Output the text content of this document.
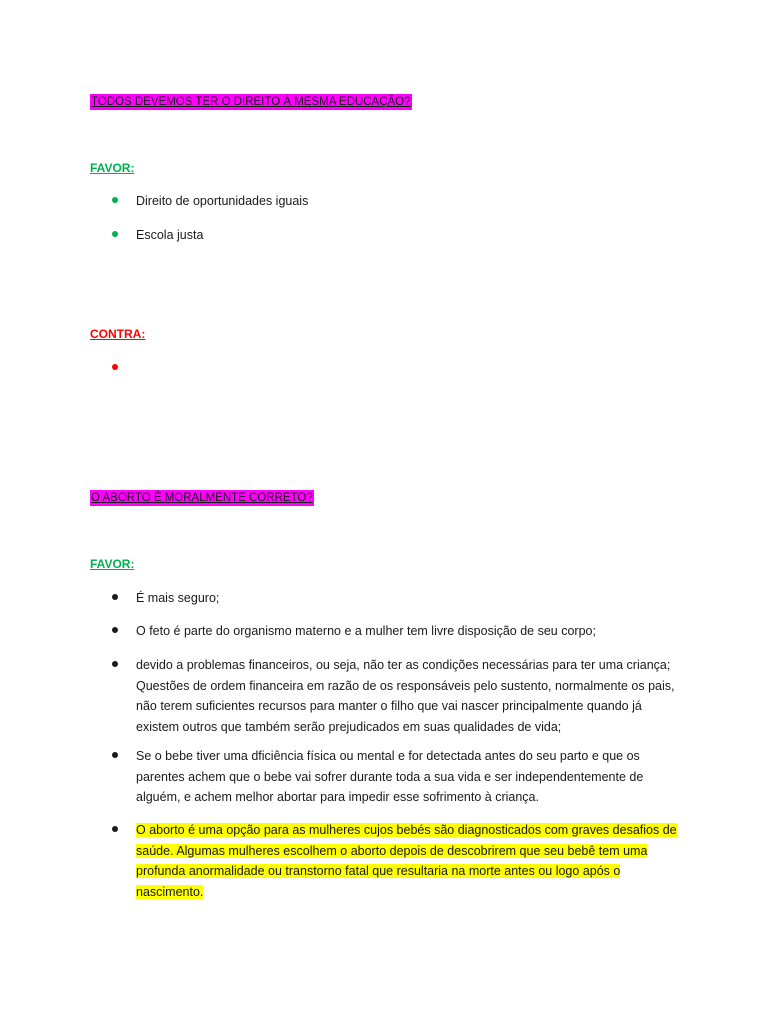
TODOS DEVEMOS TER O DIREITO Á MESMA EDUCAÇÃO?
FAVOR:
Direito de oportunidades iguais
Escola justa
CONTRA:
O ABORTO É MORALMENTE CORRETO?
FAVOR:
É mais seguro;
O feto é parte do organismo materno e a mulher tem livre disposição de seu corpo;
devido a problemas financeiros, ou seja, não ter as condições necessárias para ter uma criança; Questões de ordem financeira em razão de os responsáveis pelo sustento, normalmente os pais, não terem suficientes recursos para manter o filho que vai nascer principalmente quando já existem outros que também serão prejudicados em suas qualidades de vida;
Se o bebe tiver uma dficiência física ou mental e for detectada antes do seu parto e que os parentes achem que o bebe vai sofrer durante toda a sua vida e ser independentemente de alguém, e achem melhor abortar para impedir esse sofrimento à criança.
O aborto é uma opção para as mulheres cujos bebés são diagnosticados com graves desafios de saúde. Algumas mulheres escolhem o aborto depois de descobrirem que seu bebê tem uma profunda anormalidade ou transtorno fatal que resultaria na morte antes ou logo após o nascimento.
